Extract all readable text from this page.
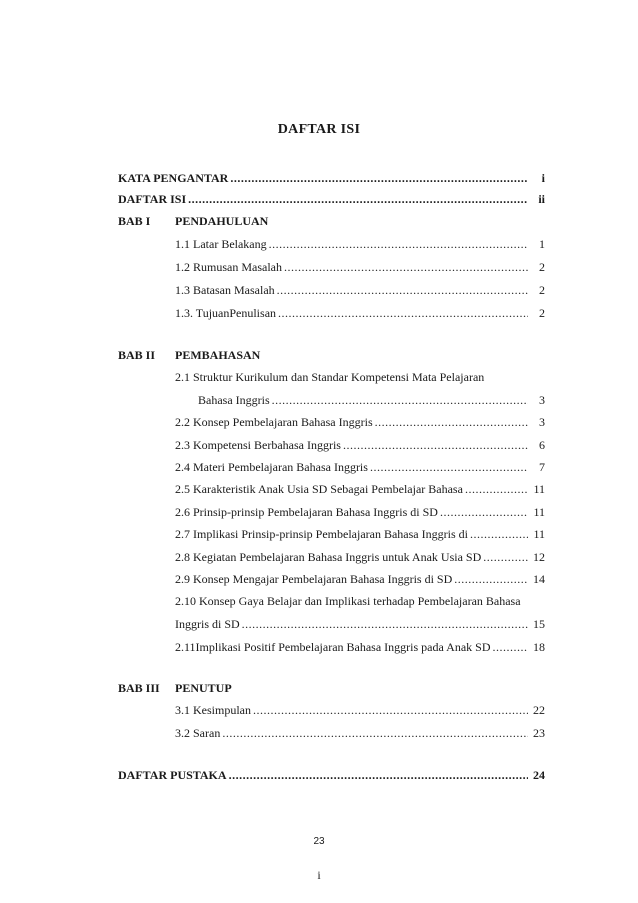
DAFTAR ISI
KATA PENGANTAR .....	i
DAFTAR ISI .....	ii
BAB I PENDAHULUAN
1.1 Latar Belakang .....	1
1.2 Rumusan Masalah .....	2
1.3 Batasan Masalah .....	2
1.3. TujuanPenulisan .....	2
BAB II PEMBAHASAN
2.1 Struktur Kurikulum dan Standar Kompetensi Mata Pelajaran
Bahasa Inggris .....	3
2.2 Konsep Pembelajaran Bahasa Inggris .....	3
2.3 Kompetensi Berbahasa Inggris .....	6
2.4 Materi Pembelajaran Bahasa Inggris .....	7
2.5 Karakteristik Anak Usia SD Sebagai Pembelajar Bahasa .....	11
2.6 Prinsip-prinsip Pembelajaran Bahasa Inggris di SD .....	11
2.7 Implikasi Prinsip-prinsip Pembelajaran Bahasa Inggris di .....	11
2.8 Kegiatan Pembelajaran Bahasa Inggris untuk Anak Usia SD .....	12
2.9 Konsep Mengajar Pembelajaran Bahasa Inggris di SD .....	14
2.10 Konsep Gaya Belajar dan Implikasi terhadap Pembelajaran Bahasa
Inggris di SD .....	15
2.11Implikasi Positif Pembelajaran Bahasa Inggris pada Anak SD .....	18
BAB III PENUTUP
3.1 Kesimpulan .....	22
3.2 Saran .....	23
DAFTAR PUSTAKA .....	24
23
i
